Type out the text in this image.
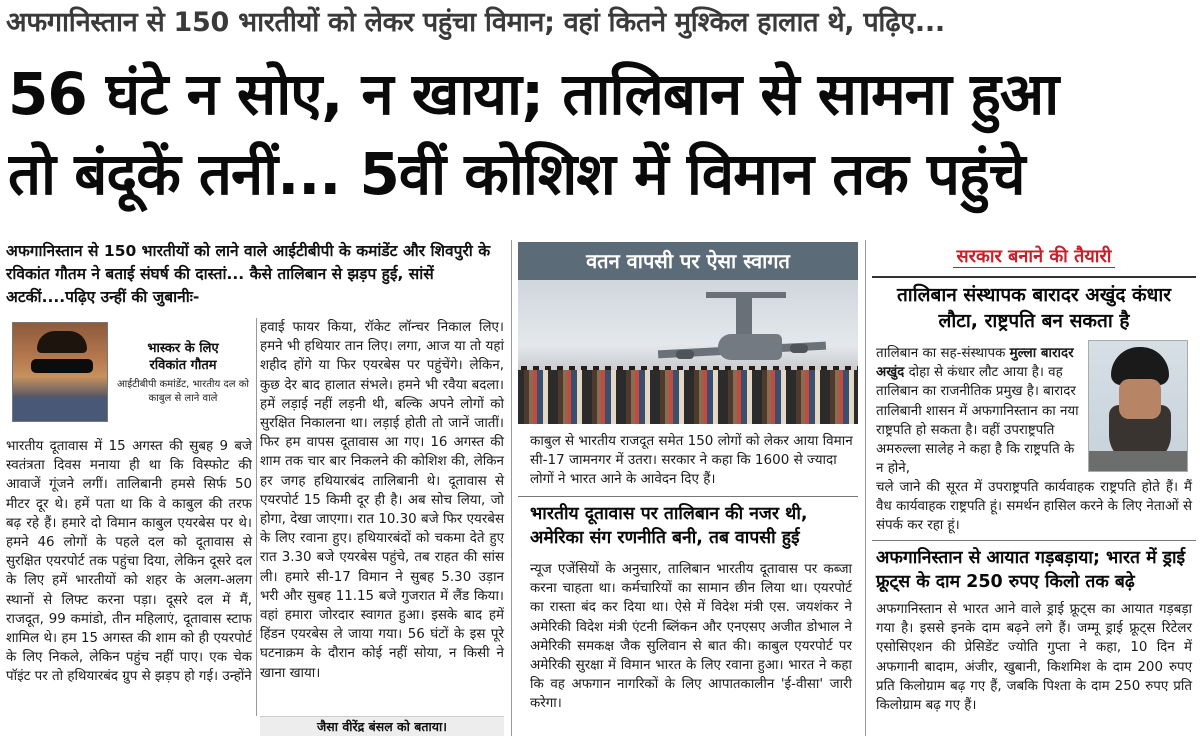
अफगानिस्तान से 150 भारतीयों को लेकर पहुंचा विमान; वहां कितने मुश्किल हालात थे, पढ़िए...
56 घंटे न सोए, न खाया; तालिबान से सामना हुआ
तो बंदूकें तनीं... 5वीं कोशिश में विमान तक पहुंचे
अफगानिस्तान से 150 भारतीयों को लाने वाले आईटीबीपी के कमांडेंट और शिवपुरी के रविकांत गौतम ने बताई संघर्ष की दास्तां... कैसे तालिबान से झड़प हुई, सांसें अटकीं....पढ़िए उन्हीं की जुबानीः-
भास्कर के लिए
रविकांत गौतम
आईटीबीपी कमांडेंट, भारतीय दल को काबुल से लाने वाले
भारतीय दूतावास में 15 अगस्त की सुबह 9 बजे स्वतंत्रता दिवस मनाया ही था कि विस्फोट की आवाजें गूंजने लगीं। तालिबानी हमसे सिर्फ 50 मीटर दूर थे। हमें पता था कि वे काबुल की तरफ बढ़ रहे हैं। हमारे दो विमान काबुल एयरबेस पर थे। हमने 46 लोगों के पहले दल को दूतावास से सुरक्षित एयरपोर्ट तक पहुंचा दिया, लेकिन दूसरे दल के लिए हमें भारतीयों को शहर के अलग-अलग स्थानों से लिफ्ट करना पड़ा। दूसरे दल में मैं, राजदूत, 99 कमांडो, तीन महिलाएं, दूतावास स्टाफ शामिल थे। हम 15 अगस्त की शाम को ही एयरपोर्ट के लिए निकले, लेकिन पहुंच नहीं पाए। एक चेक पॉइंट पर तो हथियारबंद ग्रुप से झड़प हो गई। उन्होंने
हवाई फायर किया, रॉकेट लॉन्चर निकाल लिए। हमने भी हथियार तान लिए। लगा, आज या तो यहां शहीद होंगे या फिर एयरबेस पर पहुंचेंगे। लेकिन, कुछ देर बाद हालात संभले। हमने भी रवैया बदला। हमें लड़ाई नहीं लड़नी थी, बल्कि अपने लोगों को सुरक्षित निकालना था। लड़ाई होती तो जानें जातीं। फिर हम वापस दूतावास आ गए। 16 अगस्त की शाम तक चार बार निकलने की कोशिश की, लेकिन हर जगह हथियारबंद तालिबानी थे। दूतावास से एयरपोर्ट 15 किमी दूर ही है। अब सोच लिया, जो होगा, देखा जाएगा। रात 10.30 बजे फिर एयरबेस के लिए रवाना हुए। हथियारबंदों को चकमा देते हुए रात 3.30 बजे एयरबेस पहुंचे, तब राहत की सांस ली। हमारे सी-17 विमान ने सुबह 5.30 उड़ान भरी और सुबह 11.15 बजे गुजरात में लैंड किया। वहां हमारा जोरदार स्वागत हुआ। इसके बाद हमें हिंडन एयरबेस ले जाया गया। 56 घंटों के इस पूरे घटनाक्रम के दौरान कोई नहीं सोया, न किसी ने खाना खाया।
जैसा वीरेंद्र बंसल को बताया।
वतन वापसी पर ऐसा स्वागत
काबुल से भारतीय राजदूत समेत 150 लोगों को लेकर आया विमान सी-17 जामनगर में उतरा। सरकार ने कहा कि 1600 से ज्यादा लोगों ने भारत आने के आवेदन दिए हैं।
भारतीय दूतावास पर तालिबान की नजर थी, अमेरिका संग रणनीति बनी, तब वापसी हुई
न्यूज एजेंसियों के अनुसार, तालिबान भारतीय दूतावास पर कब्जा करना चाहता था। कर्मचारियों का सामान छीन लिया था। एयरपोर्ट का रास्ता बंद कर दिया था। ऐसे में विदेश मंत्री एस. जयशंकर ने अमेरिकी विदेश मंत्री एंटनी ब्लिंकन और एनएसए अजीत डोभाल ने अमेरिकी समकक्ष जैक सुलिवान से बात की। काबुल एयरपोर्ट पर अमेरिकी सुरक्षा में विमान भारत के लिए रवाना हुआ। भारत ने कहा कि वह अफगान नागरिकों के लिए आपातकालीन 'ई-वीसा' जारी करेगा।
सरकार बनाने की तैयारी
तालिबान संस्थापक बारादर अखुंद कंधार लौटा, राष्ट्रपति बन सकता है
तालिबान का सह-संस्थापक मुल्ला बारादर अखुंद दोहा से कंधार लौट आया है। वह तालिबान का राजनीतिक प्रमुख है। बारादर तालिबानी शासन में अफगानिस्तान का नया राष्ट्रपति हो सकता है। वहीं उपराष्ट्रपति अमरुल्ला सालेह ने कहा है कि राष्ट्रपति के न होने,
चले जाने की सूरत में उपराष्ट्रपति कार्यवाहक राष्ट्रपति होते हैं। मैं वैध कार्यवाहक राष्ट्रपति हूं। समर्थन हासिल करने के लिए नेताओं से संपर्क कर रहा हूं।
अफगानिस्तान से आयात गड़बड़ाया; भारत में ड्राई फ्रूट्स के दाम 250 रुपए किलो तक बढ़े
अफगानिस्तान से भारत आने वाले ड्राई फ्रूट्स का आयात गड़बड़ा गया है। इससे इनके दाम बढ़ने लगे हैं। जम्मू ड्राई फ्रूट्स रिटेलर एसोसिएशन की प्रेसिडेंट ज्योति गुप्ता ने कहा, 10 दिन में अफगानी बादाम, अंजीर, खुबानी, किशमिश के दाम 200 रुपए प्रति किलोग्राम बढ़ गए हैं, जबकि पिश्ता के दाम 250 रुपए प्रति किलोग्राम बढ़ गए हैं।
